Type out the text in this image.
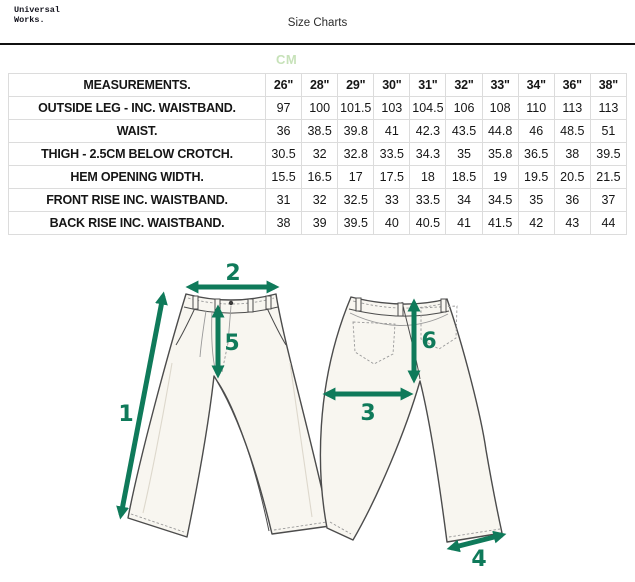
Universal
Works.	Size Charts
CM
MEASUREMENTS.	26"	28"	29"	30"	31"	32"	33"	34"	36"	38"
OUTSIDE LEG - INC. WAISTBAND.	97	100	101.5	103	104.5	106	108	110	113	113
WAIST.	36	38.5	39.8	41	42.3	43.5	44.8	46	48.5	51
THIGH - 2.5CM BELOW CROTCH.	30.5	32	32.8	33.5	34.3	35	35.8	36.5	38	39.5
HEM OPENING WIDTH.	15.5	16.5	17	17.5	18	18.5	19	19.5	20.5	21.5
FRONT RISE INC. WAISTBAND.	31	32	32.5	33	33.5	34	34.5	35	36	37
BACK RISE INC. WAISTBAND.	38	39	39.5	40	40.5	41	41.5	42	43	44
1
2
3
4
5	6
